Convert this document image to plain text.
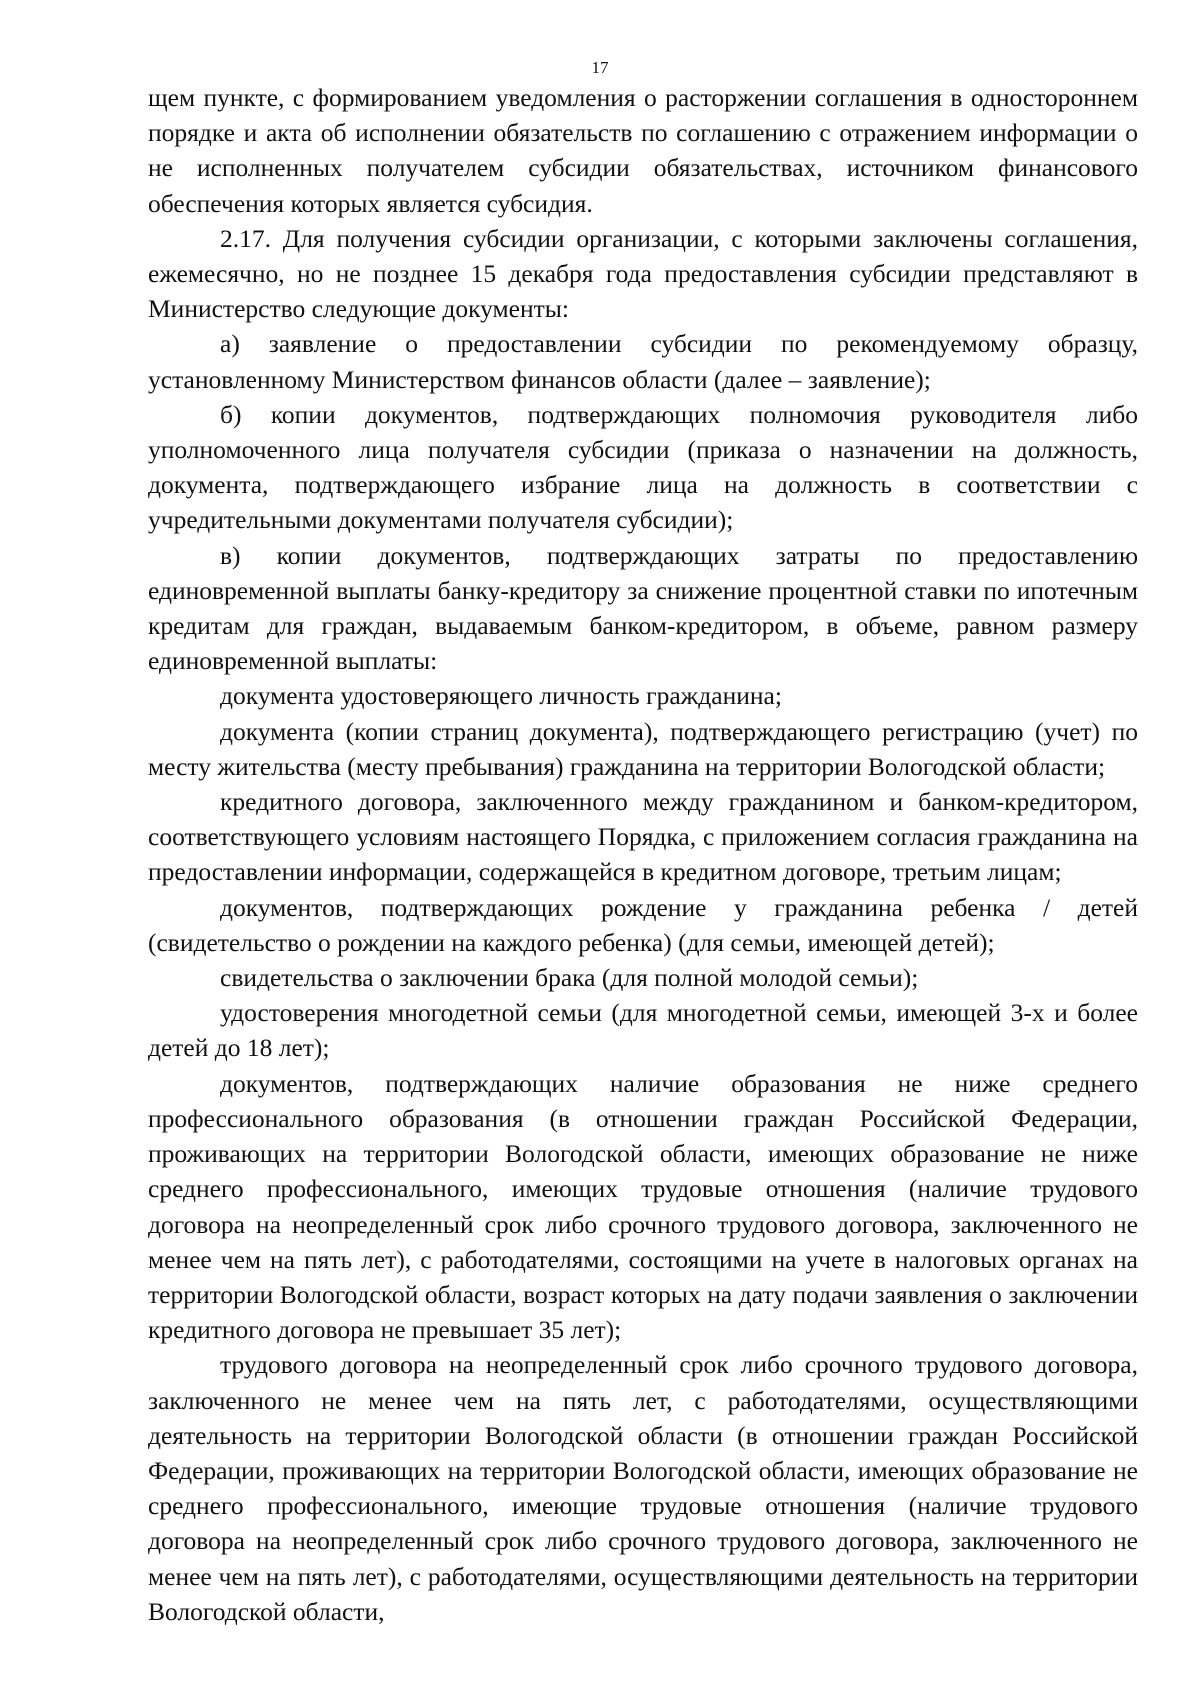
17

щем пункте, с формированием уведомления о расторжении соглашения в одностороннем порядке и акта об исполнении обязательств по соглашению с отражением информации о не исполненных получателем субсидии обязательствах, источником финансового обеспечения которых является субсидия.

2.17. Для получения субсидии организации, с которыми заключены соглашения, ежемесячно, но не позднее 15 декабря года предоставления субсидии представляют в Министерство следующие документы:

а) заявление о предоставлении субсидии по рекомендуемому образцу, установленному Министерством финансов области (далее – заявление);

б) копии документов, подтверждающих полномочия руководителя либо уполномоченного лица получателя субсидии (приказа о назначении на должность, документа, подтверждающего избрание лица на должность в соответствии с учредительными документами получателя субсидии);

в) копии документов, подтверждающих затраты по предоставлению единовременной выплаты банку-кредитору за снижение процентной ставки по ипотечным кредитам для граждан, выдаваемым банком-кредитором, в объеме, равном размеру единовременной выплаты:

документа удостоверяющего личность гражданина;

документа (копии страниц документа), подтверждающего регистрацию (учет) по месту жительства (месту пребывания) гражданина на территории Вологодской области;

кредитного договора, заключенного между гражданином и банком-кредитором, соответствующего условиям настоящего Порядка, с приложением согласия гражданина на предоставлении информации, содержащейся в кредитном договоре, третьим лицам;

документов, подтверждающих рождение у гражданина ребенка / детей (свидетельство о рождении на каждого ребенка) (для семьи, имеющей детей);

свидетельства о заключении брака (для полной молодой семьи);

удостоверения многодетной семьи (для многодетной семьи, имеющей 3-х и более детей до 18 лет);

документов, подтверждающих наличие образования не ниже среднего профессионального образования (в отношении граждан Российской Федерации, проживающих на территории Вологодской области, имеющих образование не ниже среднего профессионального, имеющих трудовые отношения (наличие трудового договора на неопределенный срок либо срочного трудового договора, заключенного не менее чем на пять лет), с работодателями, состоящими на учете в налоговых органах на территории Вологодской области, возраст которых на дату подачи заявления о заключении кредитного договора не превышает 35 лет);

трудового договора на неопределенный срок либо срочного трудового договора, заключенного не менее чем на пять лет, с работодателями, осуществляющими деятельность на территории Вологодской области (в отношении граждан Российской Федерации, проживающих на территории Вологодской области, имеющих образование не среднего профессионального, имеющие трудовые отношения (наличие трудового договора на неопределенный срок либо срочного трудового договора, заключенного не менее чем на пять лет), с работодателями, осуществляющими деятельность на территории Вологодской области,
